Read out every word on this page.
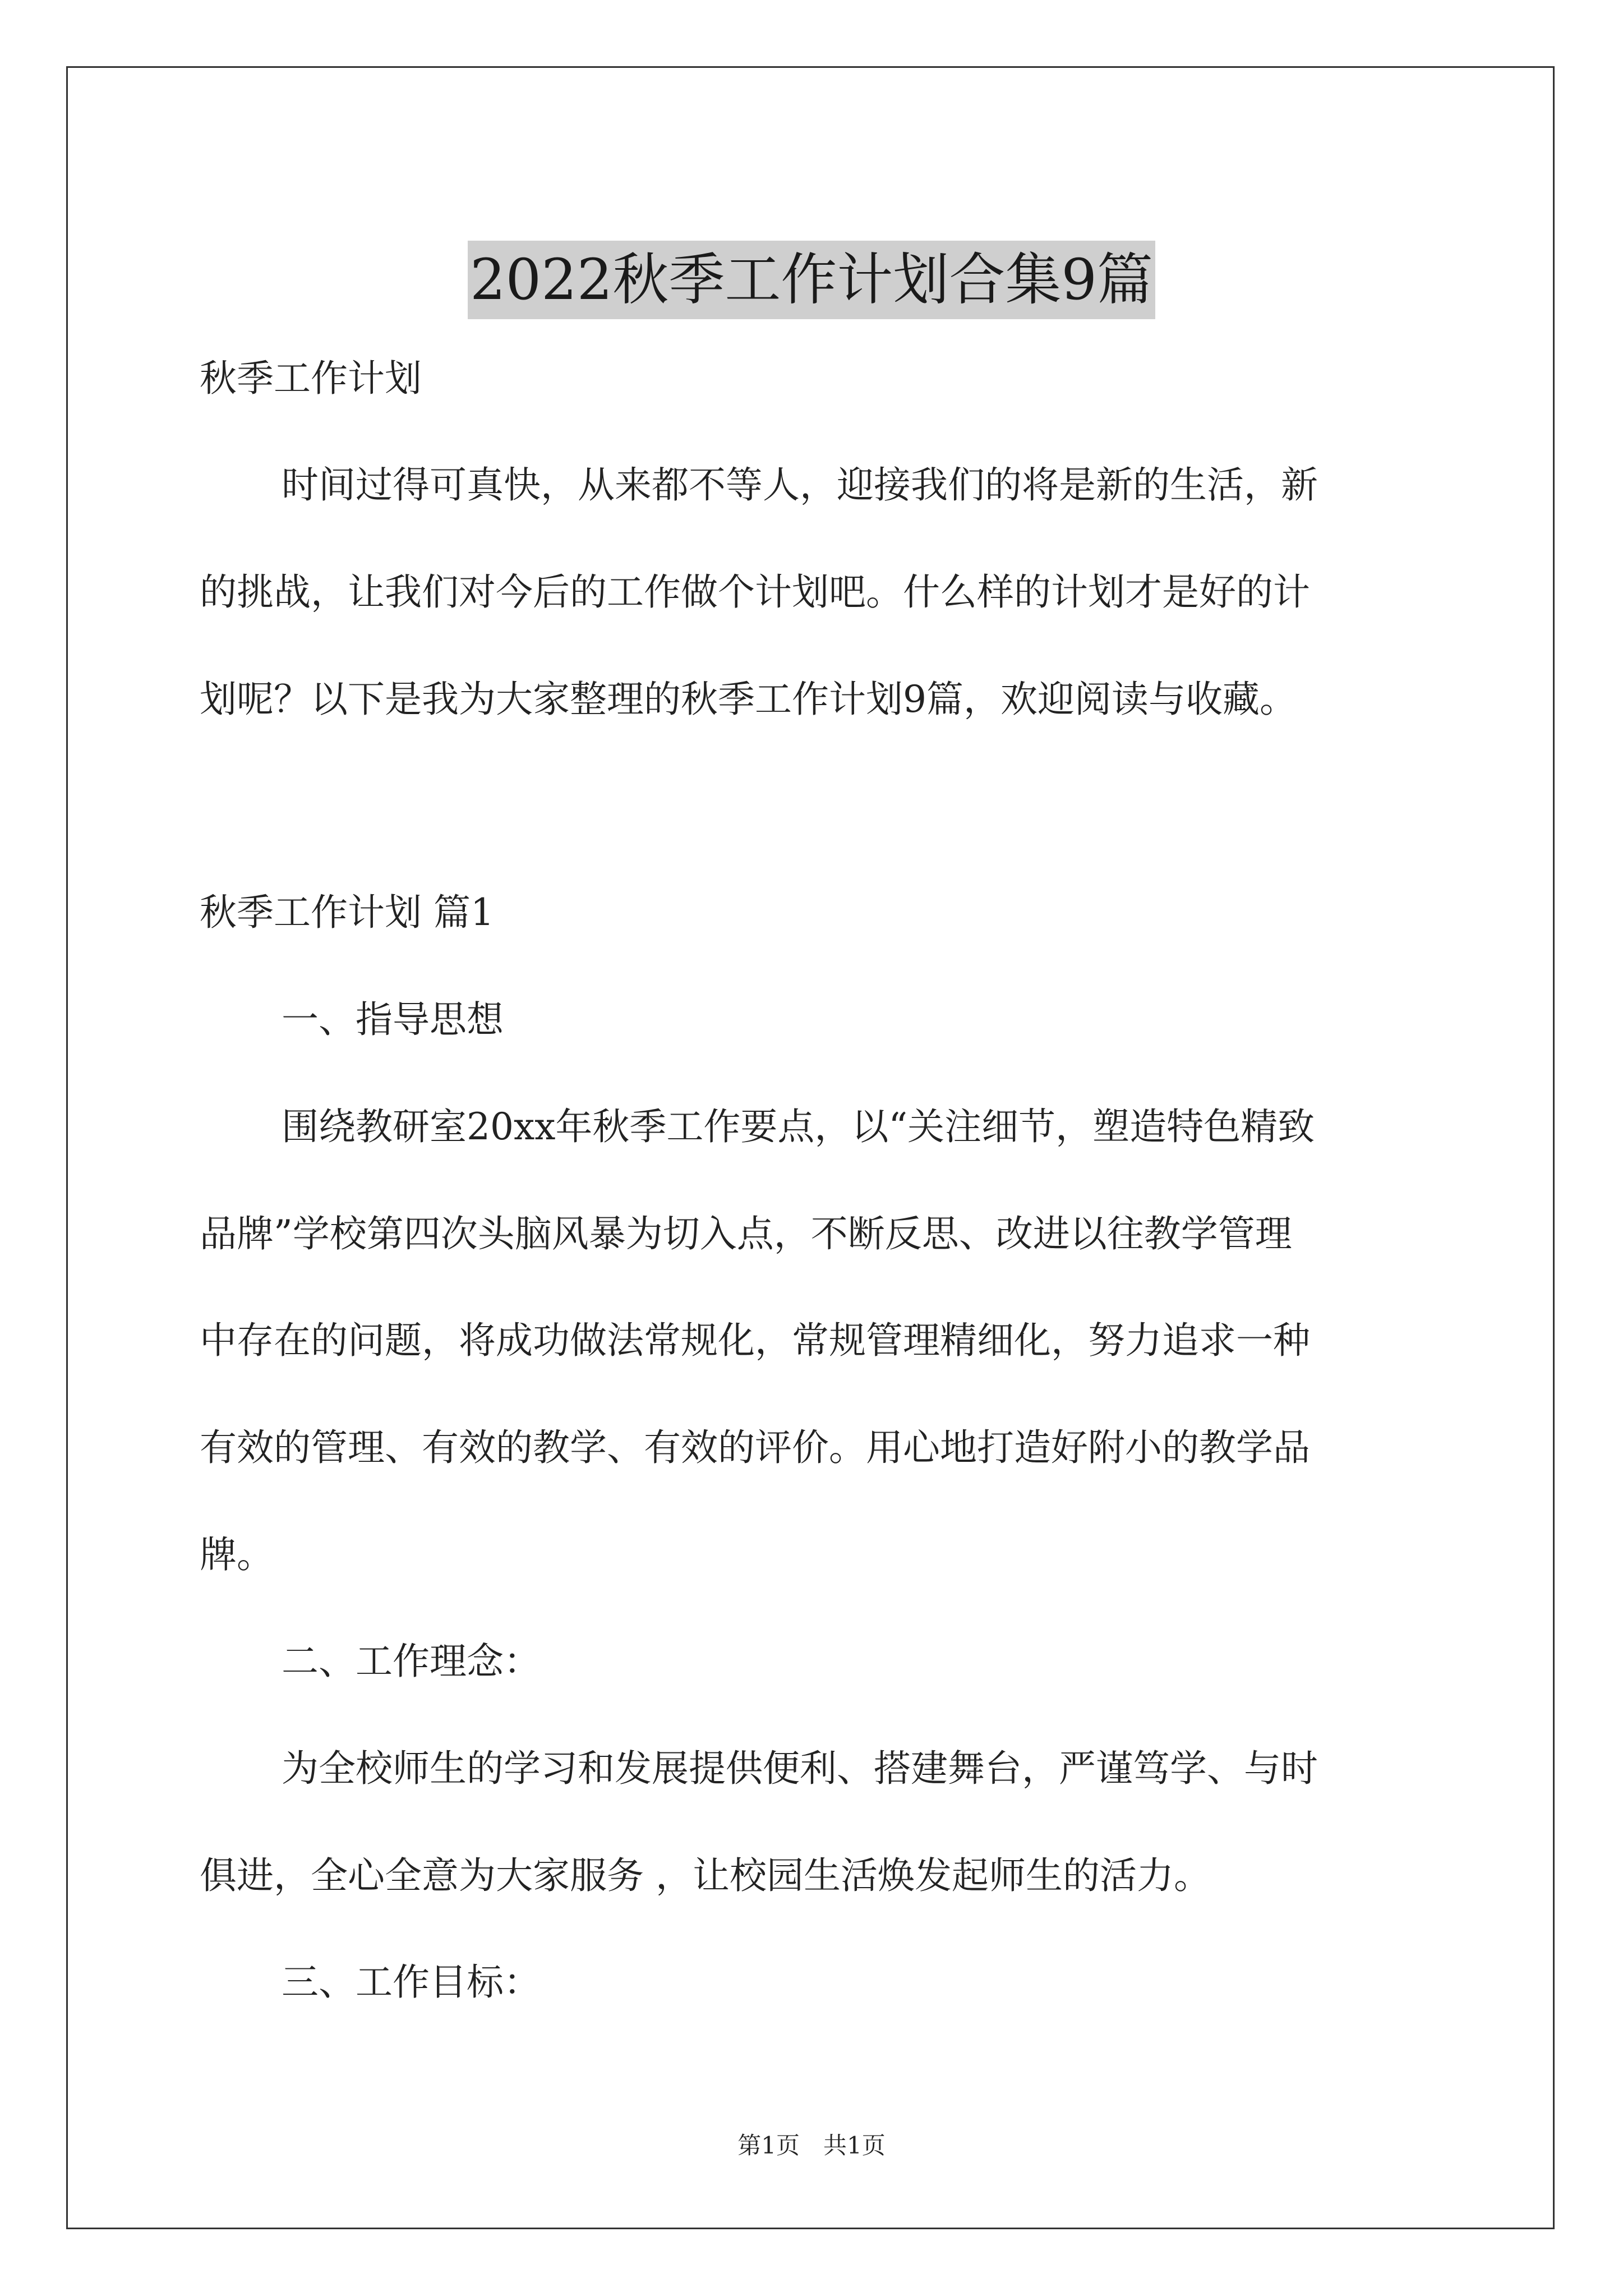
2022秋季工作计划合集9篇
秋季工作计划
时间过得可真快，从来都不等人，迎接我们的将是新的生活，新
的挑战，让我们对今后的工作做个计划吧。什么样的计划才是好的计
划呢？以下是我为大家整理的秋季工作计划9篇，欢迎阅读与收藏。
秋季工作计划 篇1
一、指导思想
围绕教研室20xx年秋季工作要点，以“关注细节，塑造特色精致
品牌”学校第四次头脑风暴为切入点，不断反思、改进以往教学管理
中存在的问题，将成功做法常规化，常规管理精细化，努力追求一种
有效的管理、有效的教学、有效的评价。用心地打造好附小的教学品
牌。
二、工作理念：
为全校师生的学习和发展提供便利、搭建舞台，严谨笃学、与时
俱进，全心全意为大家服务 ，让校园生活焕发起师生的活力。
三、工作目标：
第1页　共1页
